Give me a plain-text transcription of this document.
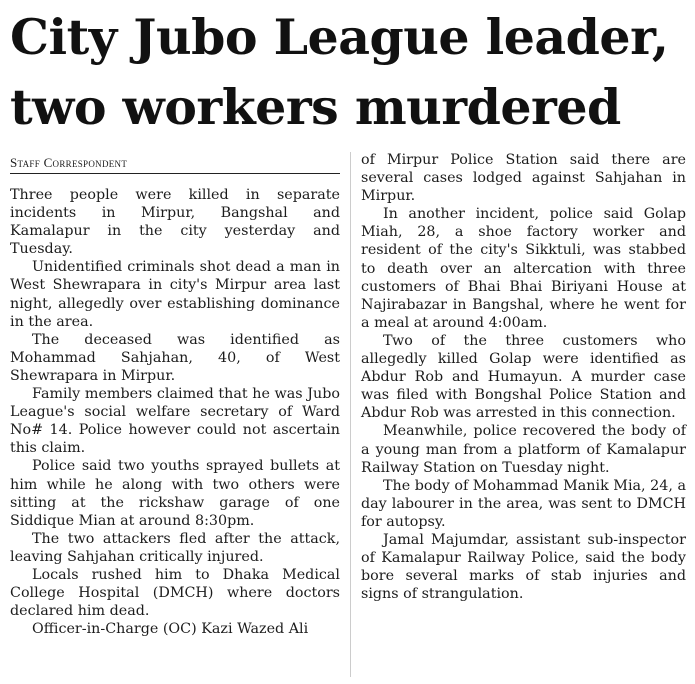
City Jubo League leader,
two workers murdered
Staff Correspondent

Three people were killed in separate incidents in Mirpur, Bangshal and Kamalapur in the city yesterday and Tuesday.

Unidentified criminals shot dead a man in West Shewrapara in city's Mirpur area last night, allegedly over establishing dominance in the area.

The deceased was identified as Mohammad Sahjahan, 40, of West Shewrapara in Mirpur.

Family members claimed that he was Jubo League's social welfare secretary of Ward No# 14. Police however could not ascertain this claim.

Police said two youths sprayed bullets at him while he along with two others were sitting at the rickshaw garage of one Siddique Mian at around 8:30pm.

The two attackers fled after the attack, leaving Sahjahan critically injured.

Locals rushed him to Dhaka Medical College Hospital (DMCH) where doctors declared him dead.

Officer-in-Charge (OC) Kazi Wazed Ali

of Mirpur Police Station said there are several cases lodged against Sahjahan in Mirpur.

In another incident, police said Golap Miah, 28, a shoe factory worker and resident of the city's Sikktuli, was stabbed to death over an altercation with three customers of Bhai Bhai Biriyani House at Najirabazar in Bangshal, where he went for a meal at around 4:00am.

Two of the three customers who allegedly killed Golap were identified as Abdur Rob and Humayun. A murder case was filed with Bongshal Police Station and Abdur Rob was arrested in this connection.

Meanwhile, police recovered the body of a young man from a platform of Kamalapur Railway Station on Tuesday night.

The body of Mohammad Manik Mia, 24, a day labourer in the area, was sent to DMCH for autopsy.

Jamal Majumdar, assistant sub-inspector of Kamalapur Railway Police, said the body bore several marks of stab injuries and signs of strangulation.
